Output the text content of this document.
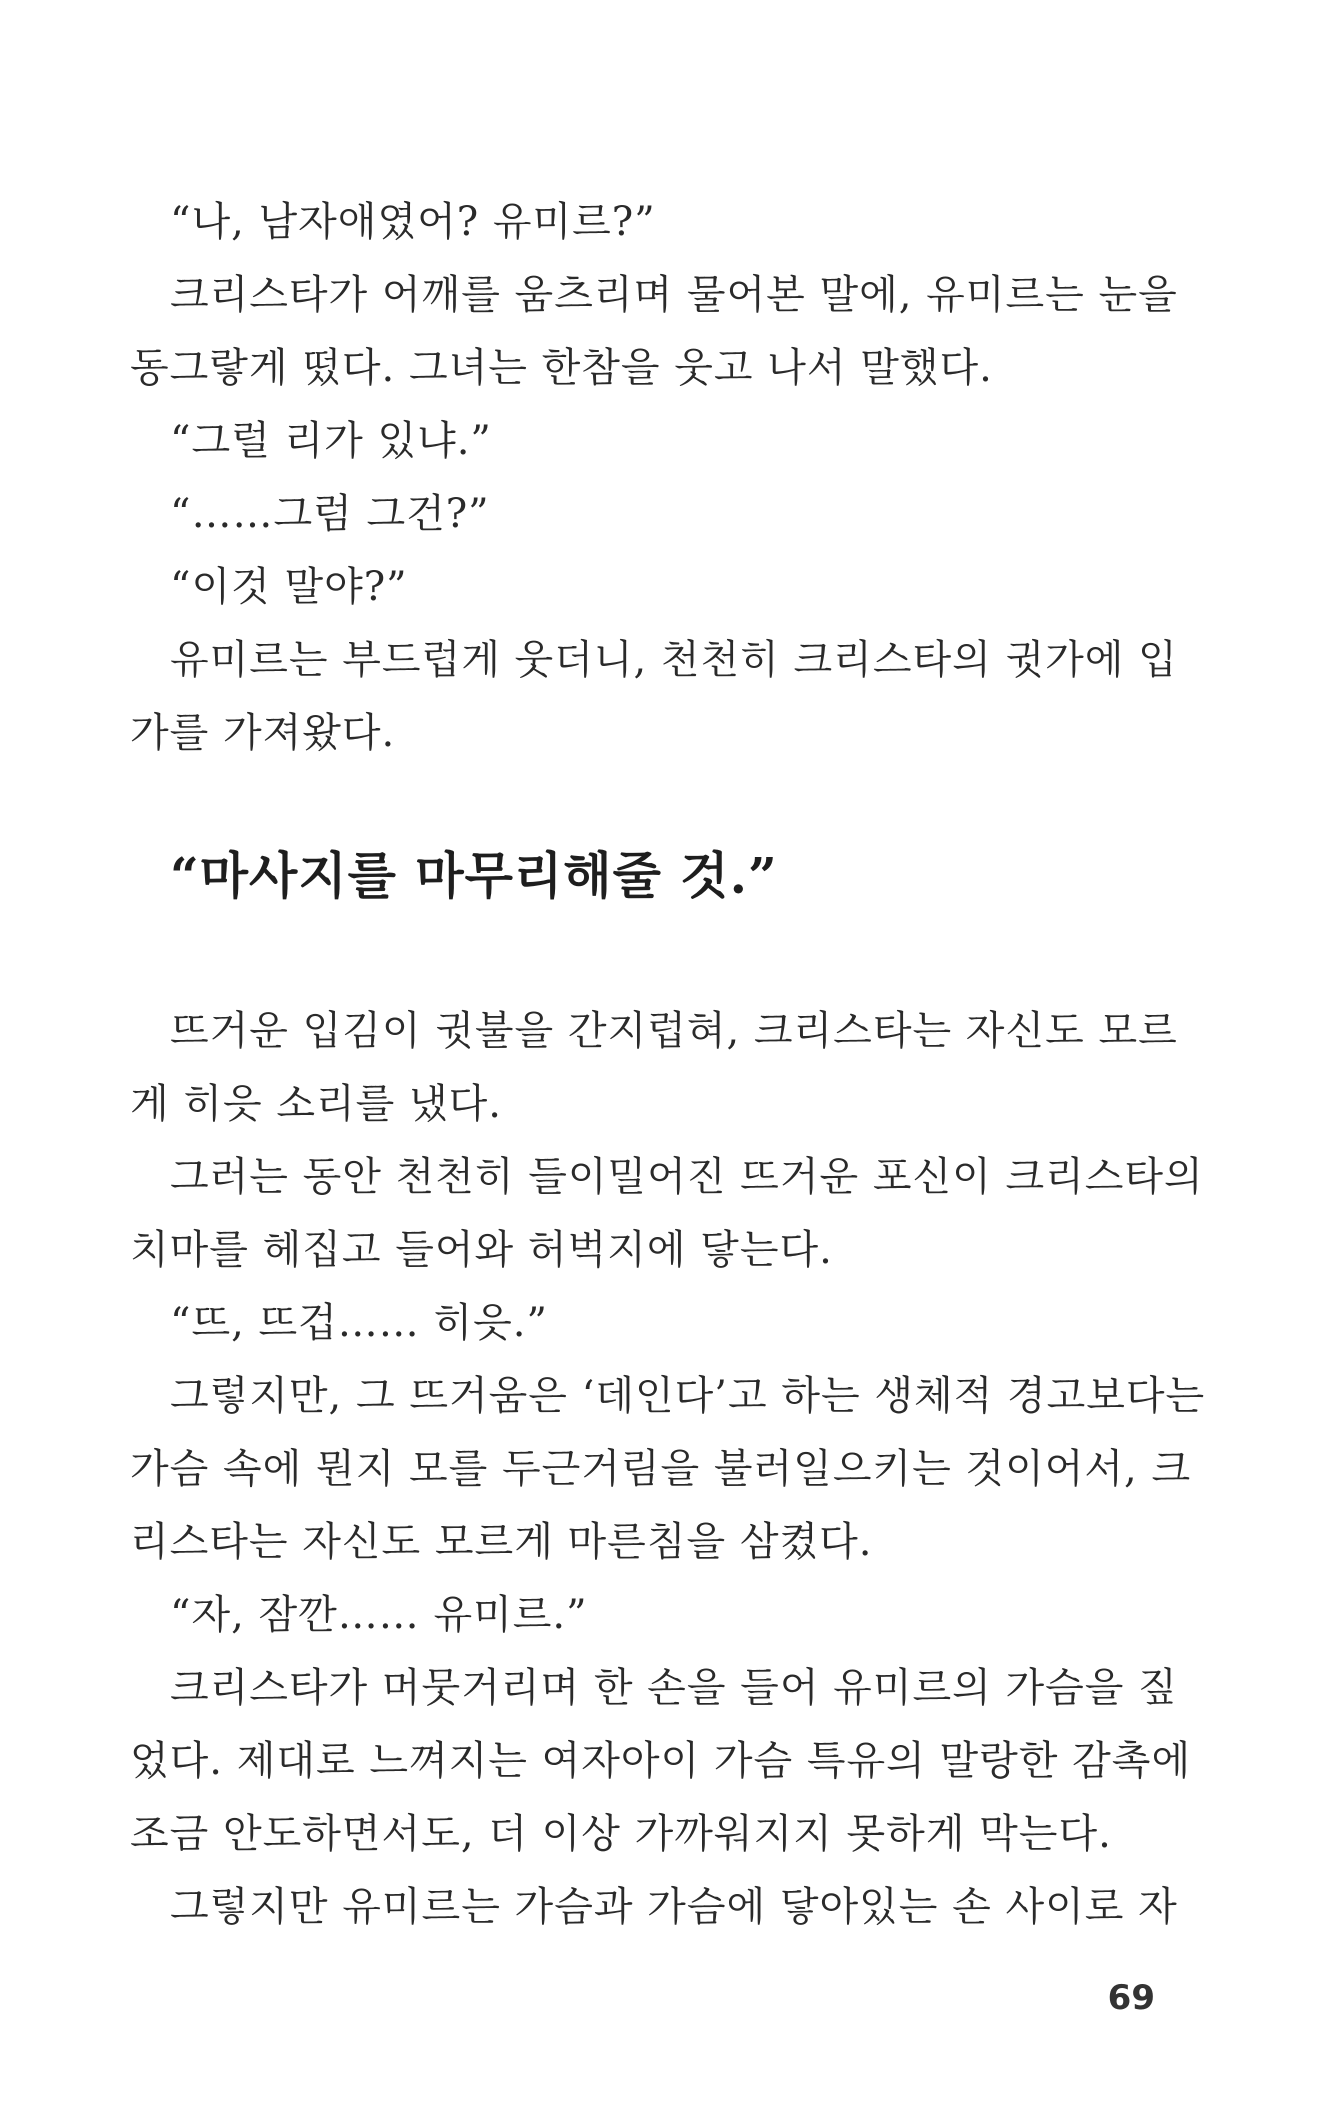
“나, 남자애였어? 유미르?”

크리스타가 어깨를 움츠리며 물어본 말에, 유미르는 눈을

동그랗게 떴다. 그녀는 한참을 웃고 나서 말했다.

“그럴 리가 있냐.”

“……그럼 그건?”

“이것 말야?”

유미르는 부드럽게 웃더니, 천천히 크리스타의 귓가에 입

가를 가져왔다.

“마사지를 마무리해줄 것.”

뜨거운 입김이 귓불을 간지럽혀, 크리스타는 자신도 모르

게 히읏 소리를 냈다.

그러는 동안 천천히 들이밀어진 뜨거운 포신이 크리스타의

치마를 헤집고 들어와 허벅지에 닿는다.

“뜨, 뜨겁…… 히읏.”

그렇지만, 그 뜨거움은 ‘데인다’고 하는 생체적 경고보다는

가슴 속에 뭔지 모를 두근거림을 불러일으키는 것이어서, 크

리스타는 자신도 모르게 마른침을 삼켰다.

“자, 잠깐…… 유미르.”

크리스타가 머뭇거리며 한 손을 들어 유미르의 가슴을 짚

었다. 제대로 느껴지는 여자아이 가슴 특유의 말랑한 감촉에

조금 안도하면서도, 더 이상 가까워지지 못하게 막는다.

그렇지만 유미르는 가슴과 가슴에 닿아있는 손 사이로 자

69
